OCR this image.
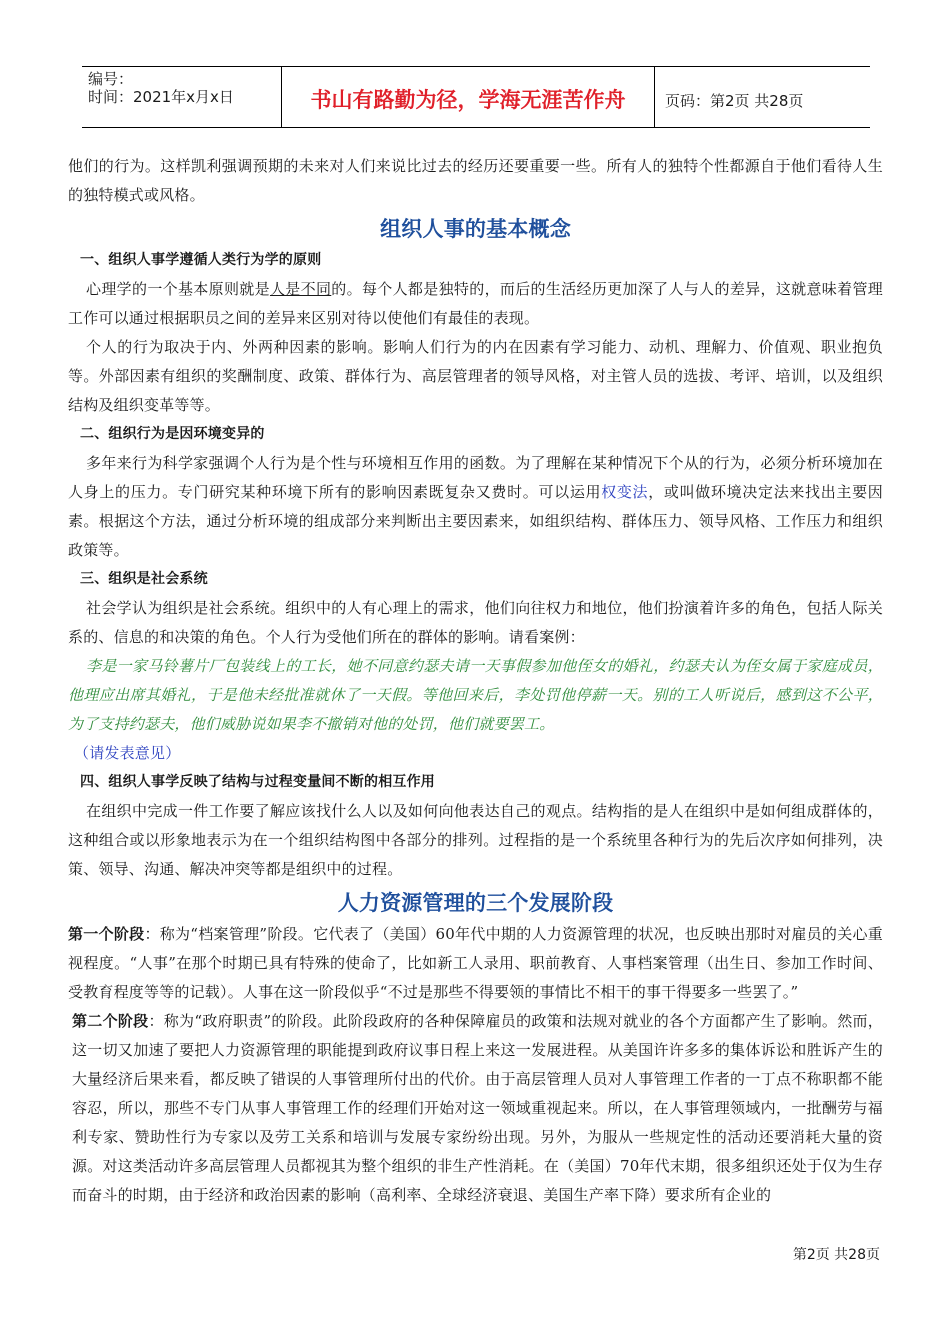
编号：
时间：2021年x月x日	书山有路勤为径，学海无涯苦作舟	页码：第2页 共28页

他们的行为。这样凯利强调预期的未来对人们来说比过去的经历还要重要一些。所有人的独特个性都源自于他们看待人生的独特模式或风格。

组织人事的基本概念
一、组织人事学遵循人类行为学的原则

心理学的一个基本原则就是人是不同的。每个人都是独特的，而后的生活经历更加深了人与人的差异，这就意味着管理工作可以通过根据职员之间的差异来区别对待以使他们有最佳的表现。

个人的行为取决于内、外两种因素的影响。影响人们行为的内在因素有学习能力、动机、理解力、价值观、职业抱负等。外部因素有组织的奖酬制度、政策、群体行为、高层管理者的领导风格，对主管人员的选拔、考评、培训，以及组织结构及组织变革等等。

二、组织行为是因环境变异的

多年来行为科学家强调个人行为是个性与环境相互作用的函数。为了理解在某种情况下个从的行为，必须分析环境加在人身上的压力。专门研究某种环境下所有的影响因素既复杂又费时。可以运用权变法，或叫做环境决定法来找出主要因素。根据这个方法，通过分析环境的组成部分来判断出主要因素来，如组织结构、群体压力、领导风格、工作压力和组织政策等。

三、组织是社会系统

社会学认为组织是社会系统。组织中的人有心理上的需求，他们向往权力和地位，他们扮演着许多的角色，包括人际关系的、信息的和决策的角色。个人行为受他们所在的群体的影响。请看案例：

李是一家马铃薯片厂包装线上的工长，她不同意约瑟夫请一天事假参加他侄女的婚礼，约瑟夫认为侄女属于家庭成员，他理应出席其婚礼，于是他未经批准就休了一天假。等他回来后，李处罚他停薪一天。别的工人听说后，感到这不公平，为了支持约瑟夫，他们威胁说如果李不撤销对他的处罚，他们就要罢工。

（请发表意见）

四、组织人事学反映了结构与过程变量间不断的相互作用

在组织中完成一件工作要了解应该找什么人以及如何向他表达自己的观点。结构指的是人在组织中是如何组成群体的，这种组合或以形象地表示为在一个组织结构图中各部分的排列。过程指的是一个系统里各种行为的先后次序如何排列，决策、领导、沟通、解决冲突等都是组织中的过程。

人力资源管理的三个发展阶段

第一个阶段：称为“档案管理”阶段。它代表了（美国）60年代中期的人力资源管理的状况，也反映出那时对雇员的关心重视程度。“人事”在那个时期已具有特殊的使命了，比如新工人录用、职前教育、人事档案管理（出生日、参加工作时间、受教育程度等等的记载）。人事在这一阶段似乎“不过是那些不得要领的事情比不相干的事干得要多一些罢了。”

第二个阶段：称为“政府职责”的阶段。此阶段政府的各种保障雇员的政策和法规对就业的各个方面都产生了影响。然而，这一切又加速了要把人力资源管理的职能提到政府议事日程上来这一发展进程。从美国许许多多的集体诉讼和胜诉产生的大量经济后果来看，都反映了错误的人事管理所付出的代价。由于高层管理人员对人事管理工作者的一丁点不称职都不能容忍，所以，那些不专门从事人事管理工作的经理们开始对这一领域重视起来。所以，在人事管理领域内，一批酬劳与福利专家、赞助性行为专家以及劳工关系和培训与发展专家纷纷出现。另外，为服从一些规定性的活动还要消耗大量的资源。对这类活动许多高层管理人员都视其为整个组织的非生产性消耗。在（美国）70年代末期，很多组织还处于仅为生存而奋斗的时期，由于经济和政治因素的影响（高利率、全球经济衰退、美国生产率下降）要求所有企业的

第2页 共28页
